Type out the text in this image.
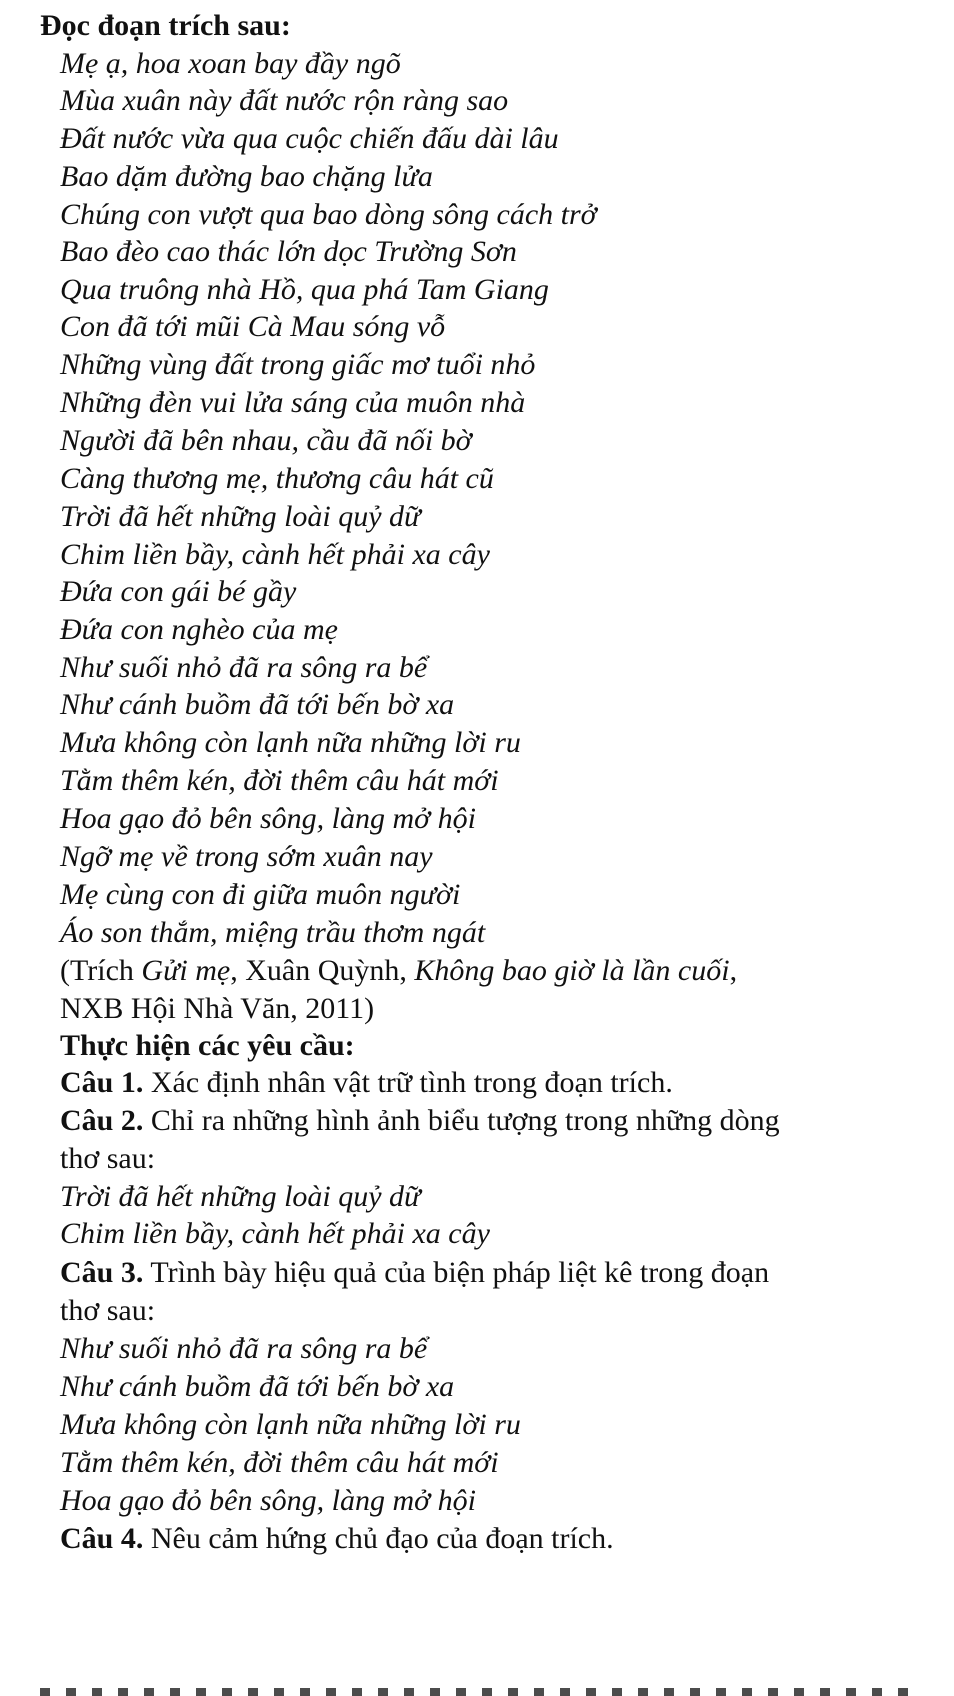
Đọc đoạn trích sau:
Mẹ ạ, hoa xoan bay đầy ngõ
Mùa xuân này đất nước rộn ràng sao
Đất nước vừa qua cuộc chiến đấu dài lâu
Bao dặm đường bao chặng lửa
Chúng con vượt qua bao dòng sông cách trở
Bao đèo cao thác lớn dọc Trường Sơn
Qua truông nhà Hồ, qua phá Tam Giang
Con đã tới mũi Cà Mau sóng vỗ
Những vùng đất trong giấc mơ tuổi nhỏ
Những đèn vui lửa sáng của muôn nhà
Người đã bên nhau, cầu đã nối bờ
Càng thương mẹ, thương câu hát cũ
Trời đã hết những loài quỷ dữ
Chim liền bầy, cành hết phải xa cây
Đứa con gái bé gầy
Đứa con nghèo của mẹ
Như suối nhỏ đã ra sông ra bể
Như cánh buồm đã tới bến bờ xa
Mưa không còn lạnh nữa những lời ru
Tằm thêm kén, đời thêm câu hát mới
Hoa gạo đỏ bên sông, làng mở hội
Ngỡ mẹ về trong sớm xuân nay
Mẹ cùng con đi giữa muôn người
Áo son thắm, miệng trầu thơm ngát
(Trích Gửi mẹ, Xuân Quỳnh, Không bao giờ là lần cuối,
NXB Hội Nhà Văn, 2011)
Thực hiện các yêu cầu:
Câu 1. Xác định nhân vật trữ tình trong đoạn trích.
Câu 2. Chỉ ra những hình ảnh biểu tượng trong những dòng
thơ sau:
Trời đã hết những loài quỷ dữ
Chim liền bầy, cành hết phải xa cây
Câu 3. Trình bày hiệu quả của biện pháp liệt kê trong đoạn
thơ sau:
Như suối nhỏ đã ra sông ra bể
Như cánh buồm đã tới bến bờ xa
Mưa không còn lạnh nữa những lời ru
Tằm thêm kén, đời thêm câu hát mới
Hoa gạo đỏ bên sông, làng mở hội
Câu 4. Nêu cảm hứng chủ đạo của đoạn trích.
